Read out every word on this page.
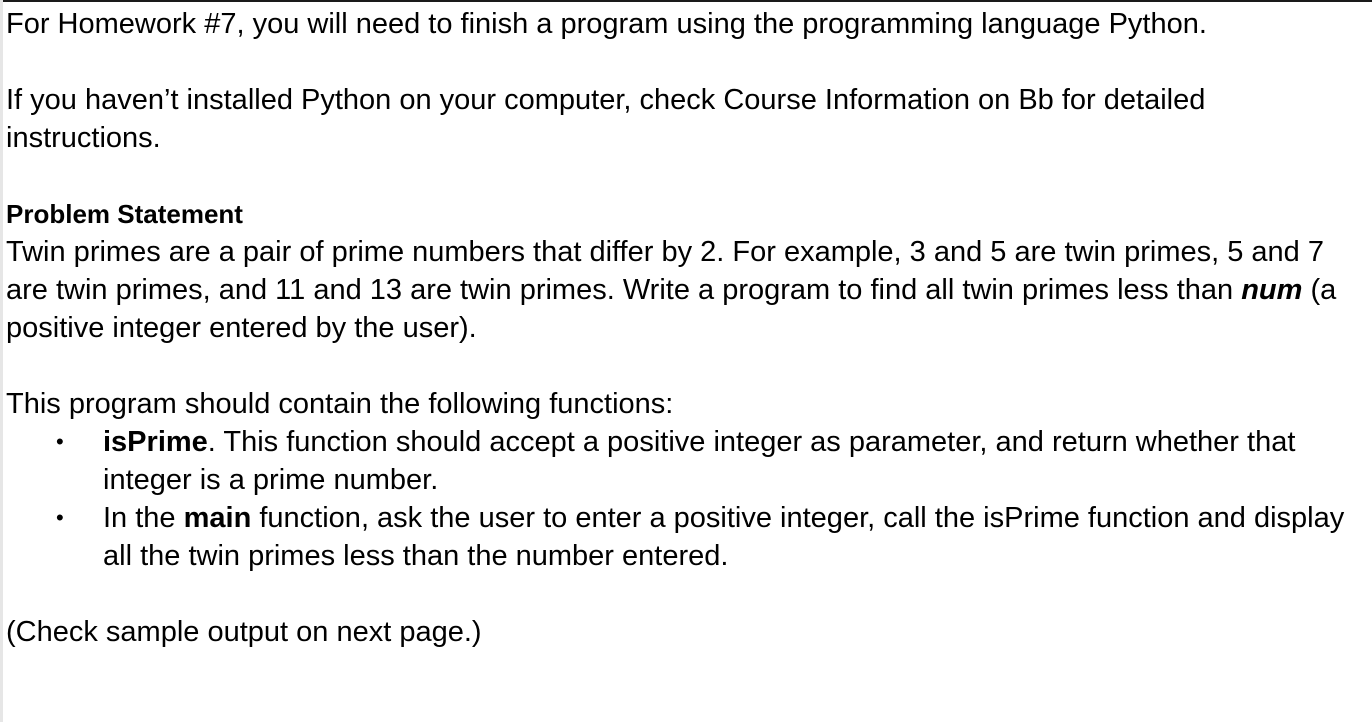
For Homework #7, you will need to finish a program using the programming language Python.

If you haven’t installed Python on your computer, check Course Information on Bb for detailed instructions.

Problem Statement

Twin primes are a pair of prime numbers that differ by 2. For example, 3 and 5 are twin primes, 5 and 7 are twin primes, and 11 and 13 are twin primes. Write a program to find all twin primes less than num (a positive integer entered by the user).

This program should contain the following functions:

• isPrime. This function should accept a positive integer as parameter, and return whether that integer is a prime number.
• In the main function, ask the user to enter a positive integer, call the isPrime function and display all the twin primes less than the number entered.

(Check sample output on next page.)
